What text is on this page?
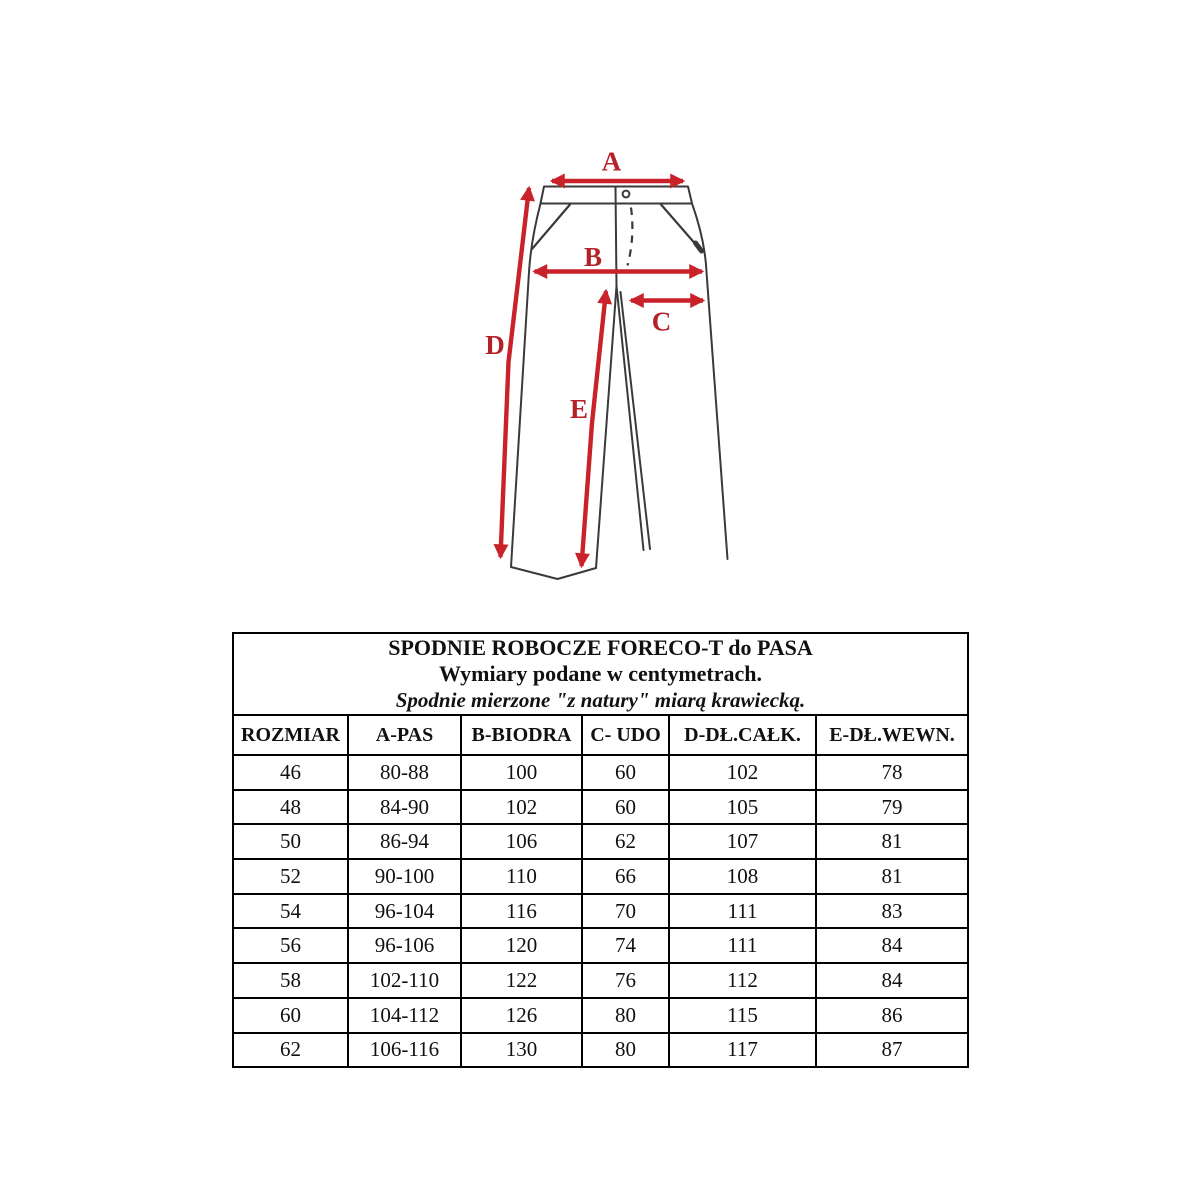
A
B
C
D
E
SPODNIE ROBOCZE FORECO-T do PASA
Wymiary podane w centymetrach.
Spodnie mierzone "z natury" miarą krawiecką.					

ROZMIAR	A-PAS	B-BIODRA	C- UDO	D-DŁ.CAŁK.	E-DŁ.WEWN.
46	80-88	100	60	102	78
48	84-90	102	60	105	79
50	86-94	106	62	107	81
52	90-100	110	66	108	81
54	96-104	116	70	111	83
56	96-106	120	74	111	84
58	102-110	122	76	112	84
60	104-112	126	80	115	86
62	106-116	130	80	117	87
